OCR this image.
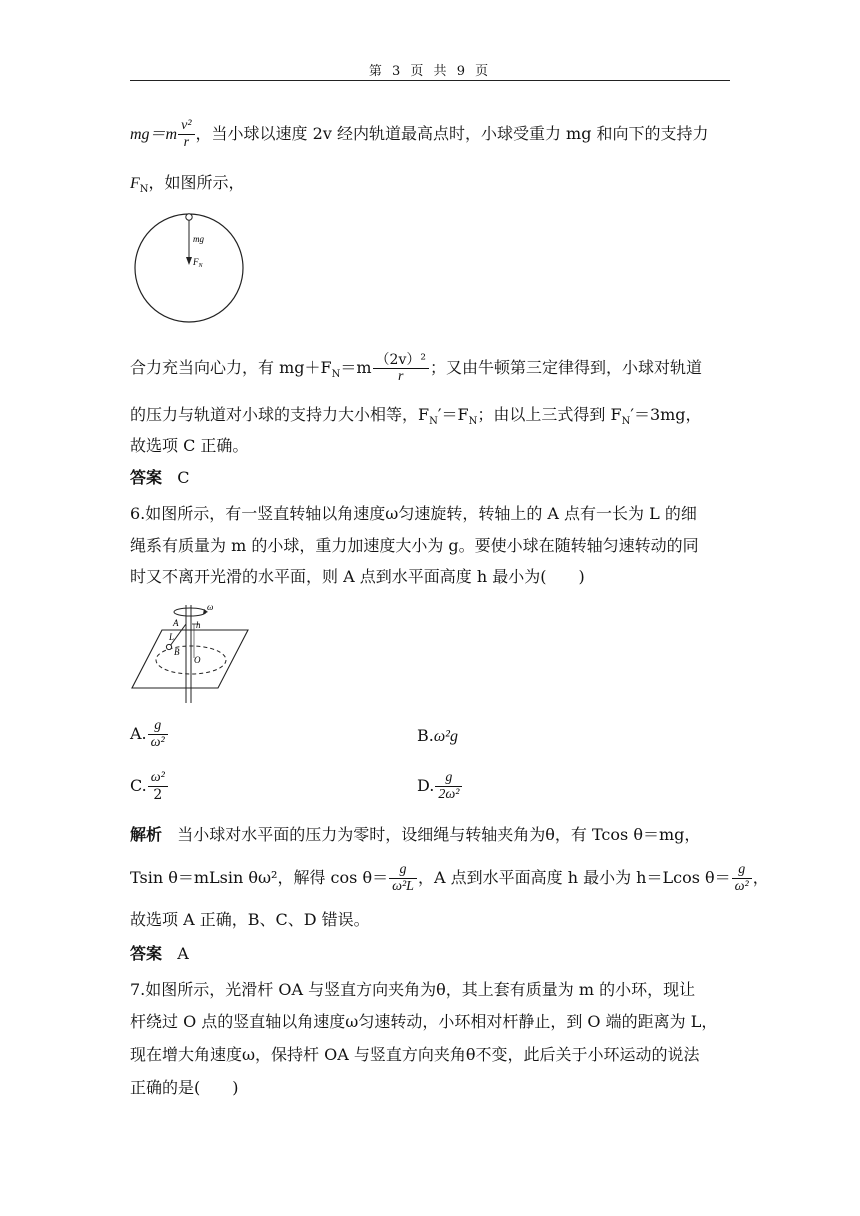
第 3 页 共 9 页
$mg=m \frac{\text{v²}}{r}$ ，当小球以速度 2v 经内轨道最高点时，小球受重力 mg 和向下的支持力
$F_N$，如图所示，
mg
$F_N$
合力充当向心力，有 $mg+F_N=m \frac{\text{（2v）²}}{r}$ ；又由牛顿第三定律得到，小球对轨道
的压力与轨道对小球的支持力大小相等，$F_N'=F_N$；由以上三式得到 $F_N'=3mg$，
故选项 C 正确。
答案 C
6.如图所示，有一竖直转轴以角速度ω匀速旋转，转轴上的 A 点有一长为 L 的细
绳系有质量为 m 的小球，重力加速度大小为 g。要使小球在随转轴匀速转动的同
时又不离开光滑的水平面，则 A 点到水平面高度 h 最小为(　　)
ω
A h
L
B
O
A. $\frac{g}{\text{ω²}}$	B.ω²g
C. $\frac{\text{ω²}}{2}$	D. $\frac{g}{\text{2ω²}}$
解析 当小球对水平面的压力为零时，设细绳与转轴夹角为θ，有 Tcos θ＝mg，
Tsin θ＝mLsin θω²，解得 $\cos \theta= \frac{g}{\text{ω²L}}$ ，A 点到水平面高度 h 最小为 h＝Lcos $\theta= \frac{g}{\text{ω²}}$ ，
故选项 A 正确，B、C、D 错误。
答案 A
7.如图所示，光滑杆 OA 与竖直方向夹角为θ，其上套有质量为 m 的小环，现让
杆绕过 O 点的竖直轴以角速度ω匀速转动，小环相对杆静止，到 O 端的距离为 L，
现在增大角速度ω，保持杆 OA 与竖直方向夹角θ不变，此后关于小环运动的说法
正确的是(　　)
